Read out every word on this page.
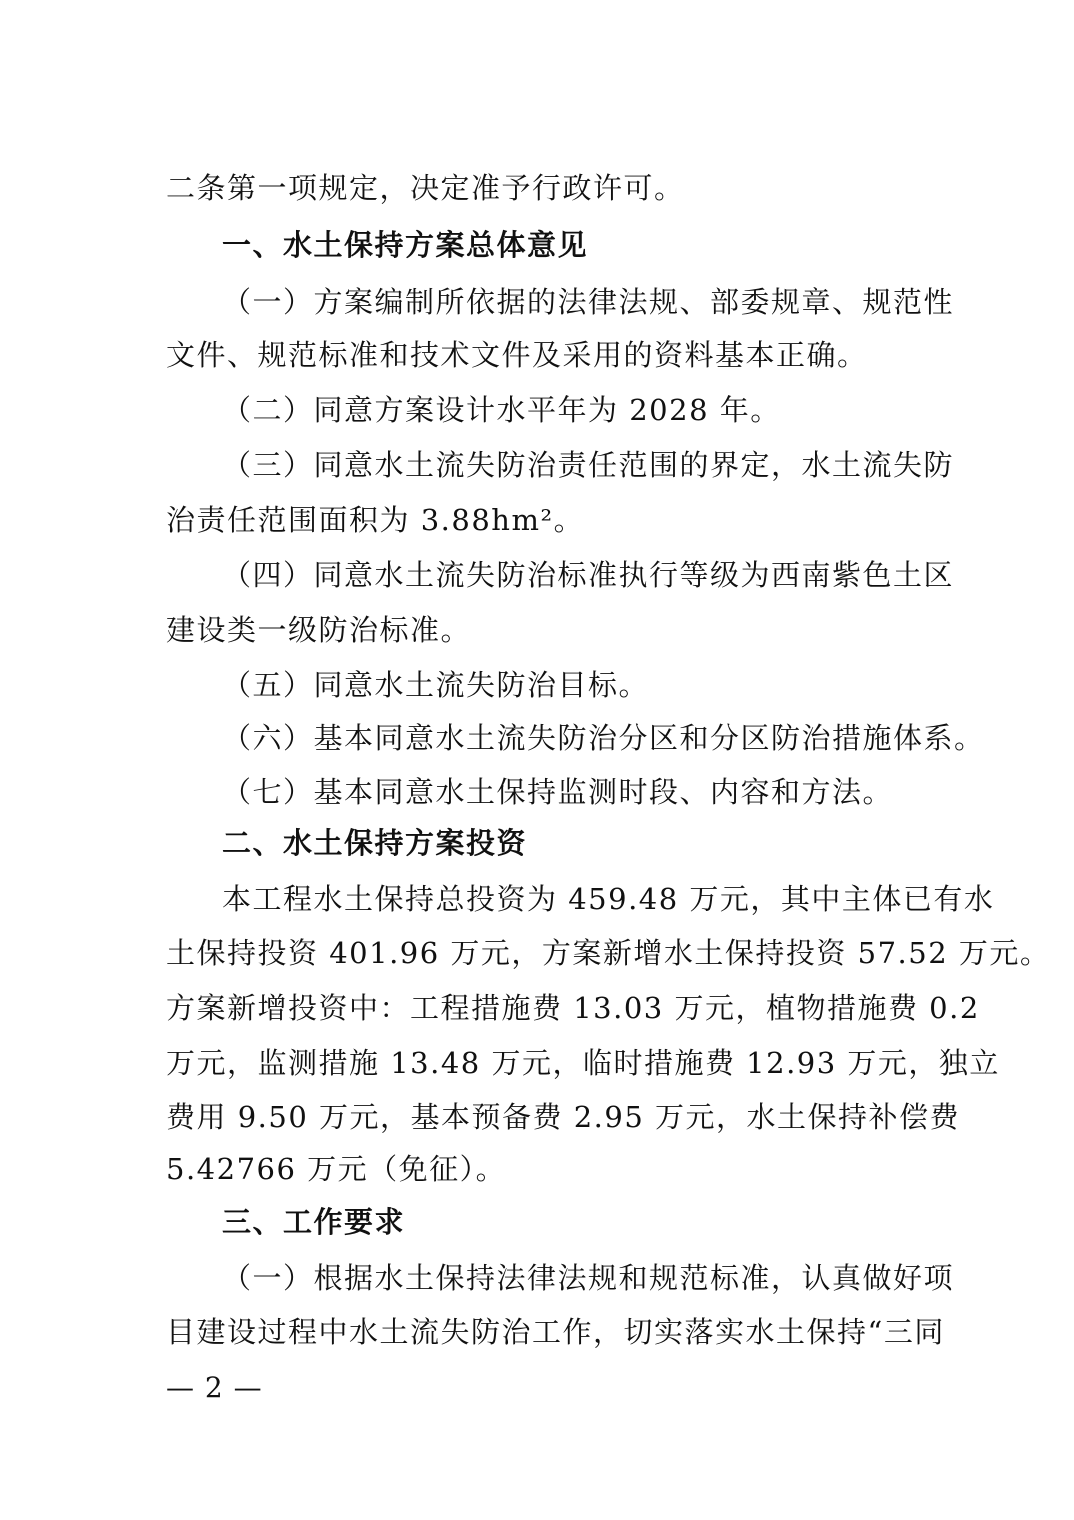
二条第一项规定，决定准予行政许可。
一、水土保持方案总体意见
（一）方案编制所依据的法律法规、部委规章、规范性
文件、规范标准和技术文件及采用的资料基本正确。
（二）同意方案设计水平年为 2028 年。
（三）同意水土流失防治责任范围的界定，水土流失防
治责任范围面积为 3.88hm²。
（四）同意水土流失防治标准执行等级为西南紫色土区
建设类一级防治标准。
（五）同意水土流失防治目标。
（六）基本同意水土流失防治分区和分区防治措施体系。
（七）基本同意水土保持监测时段、内容和方法。
二、水土保持方案投资
本工程水土保持总投资为 459.48 万元，其中主体已有水
土保持投资 401.96 万元，方案新增水土保持投资 57.52 万元。
方案新增投资中：工程措施费 13.03 万元，植物措施费 0.2
万元，监测措施 13.48 万元，临时措施费 12.93 万元，独立
费用 9.50 万元，基本预备费 2.95 万元，水土保持补偿费
5.42766 万元（免征）。
三、工作要求
（一）根据水土保持法律法规和规范标准，认真做好项
目建设过程中水土流失防治工作，切实落实水土保持“三同
— 2 —
